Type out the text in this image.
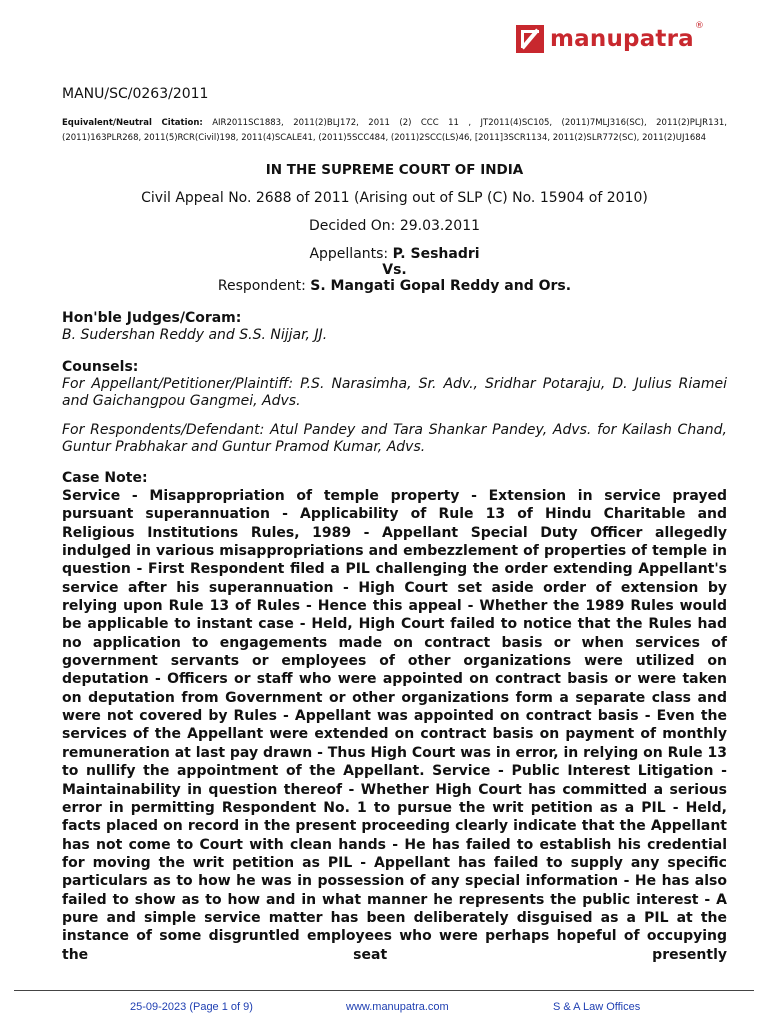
manupatra ®

MANU/SC/0263/2011

Equivalent/Neutral Citation: AIR2011SC1883, 2011(2)BLJ172, 2011 (2) CCC 11 , JT2011(4)SC105, (2011)7MLJ316(SC), 2011(2)PLJR131, (2011)163PLR268, 2011(5)RCR(Civil)198, 2011(4)SCALE41, (2011)5SCC484, (2011)2SCC(LS)46, [2011]3SCR1134, 2011(2)SLR772(SC), 2011(2)UJ1684

IN THE SUPREME COURT OF INDIA

Civil Appeal No. 2688 of 2011 (Arising out of SLP (C) No. 15904 of 2010)

Decided On: 29.03.2011

Appellants: P. Seshadri

Vs.

Respondent: S. Mangati Gopal Reddy and Ors.

Hon'ble Judges/Coram:

B. Sudershan Reddy and S.S. Nijjar, JJ.

Counsels:

For Appellant/Petitioner/Plaintiff: P.S. Narasimha, Sr. Adv., Sridhar Potaraju, D. Julius Riamei and Gaichangpou Gangmei, Advs.

For Respondents/Defendant: Atul Pandey and Tara Shankar Pandey, Advs. for Kailash Chand, Guntur Prabhakar and Guntur Pramod Kumar, Advs.

Case Note:

Service - Misappropriation of temple property - Extension in service prayed pursuant superannuation - Applicability of Rule 13 of Hindu Charitable and Religious Institutions Rules, 1989 - Appellant Special Duty Officer allegedly indulged in various misappropriations and embezzlement of properties of temple in question - First Respondent filed a PIL challenging the order extending Appellant's service after his superannuation - High Court set aside order of extension by relying upon Rule 13 of Rules - Hence this appeal - Whether the 1989 Rules would be applicable to instant case - Held, High Court failed to notice that the Rules had no application to engagements made on contract basis or when services of government servants or employees of other organizations were utilized on deputation - Officers or staff who were appointed on contract basis or were taken on deputation from Government or other organizations form a separate class and were not covered by Rules - Appellant was appointed on contract basis - Even the services of the Appellant were extended on contract basis on payment of monthly remuneration at last pay drawn - Thus High Court was in error, in relying on Rule 13 to nullify the appointment of the Appellant. Service - Public Interest Litigation - Maintainability in question thereof - Whether High Court has committed a serious error in permitting Respondent No. 1 to pursue the writ petition as a PIL - Held, facts placed on record in the present proceeding clearly indicate that the Appellant has not come to Court with clean hands - He has failed to establish his credential for moving the writ petition as PIL - Appellant has failed to supply any specific particulars as to how he was in possession of any special information - He has also failed to show as to how and in what manner he represents the public interest - A pure and simple service matter has been deliberately disguised as a PIL at the instance of some disgruntled employees who were perhaps hopeful of occupying the seat presently

25-09-2023 (Page 1 of 9)	www.manupatra.com	S & A Law Offices
